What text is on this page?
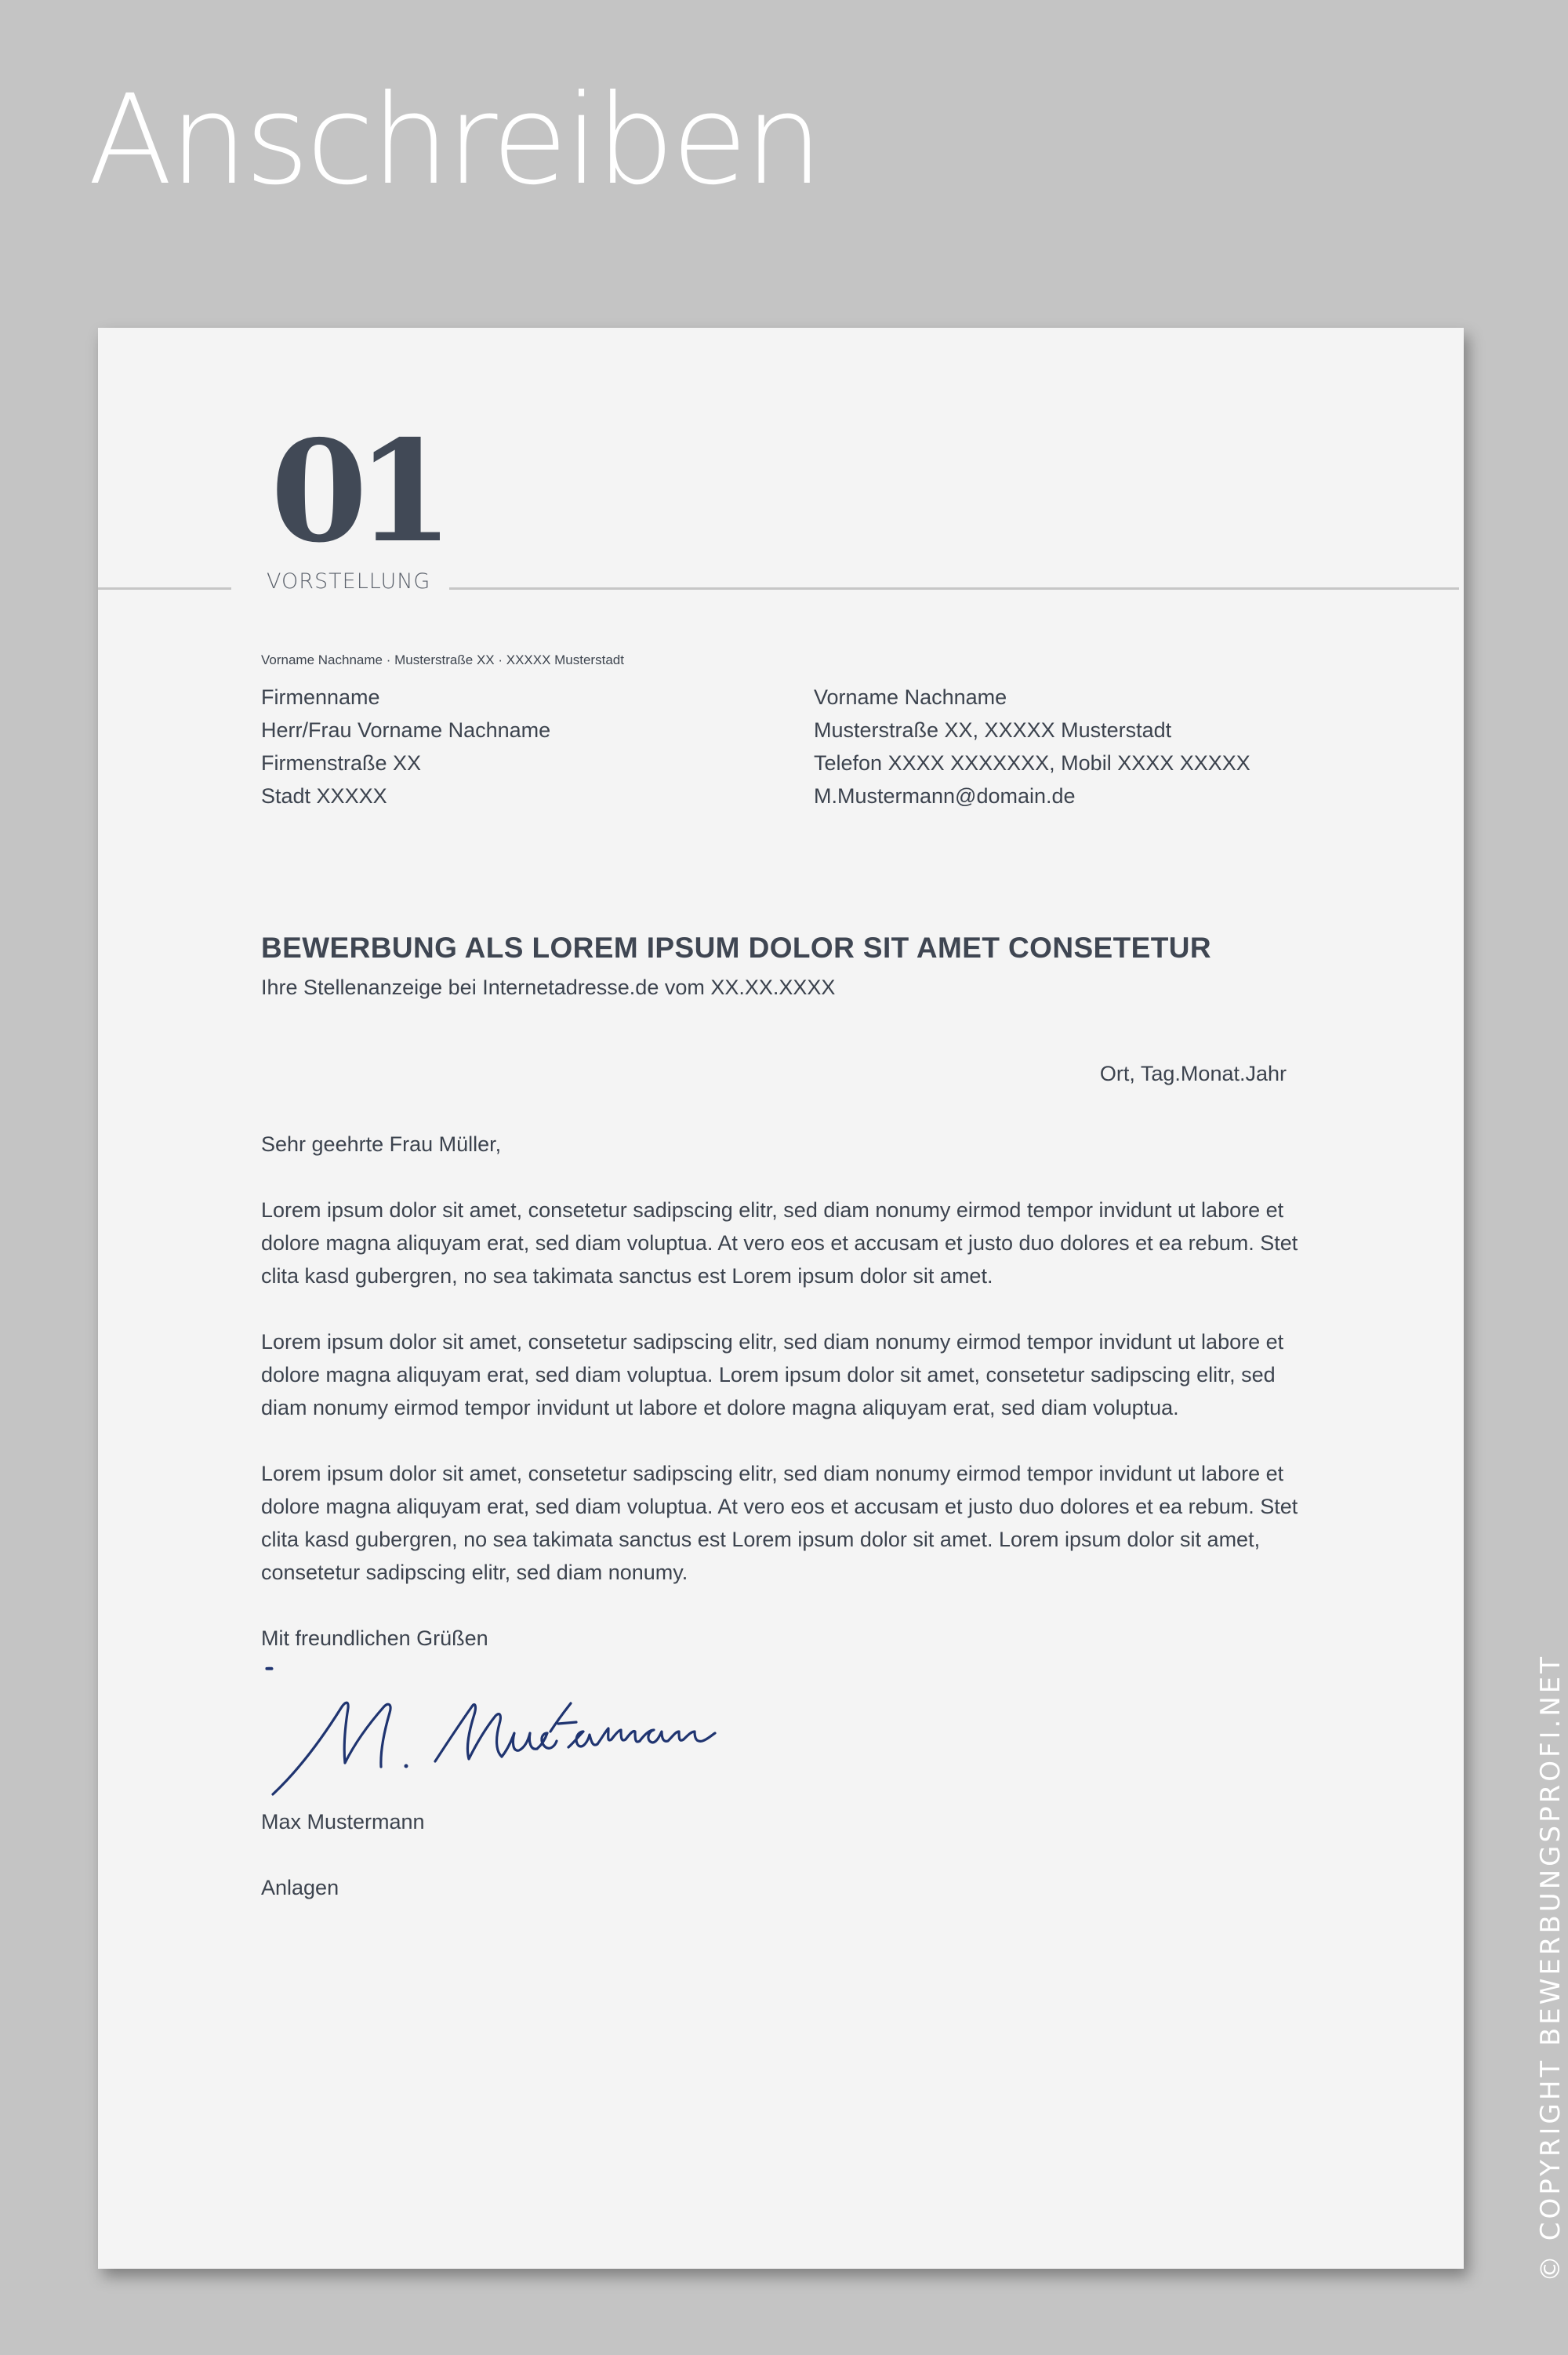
Anschreiben
01

VORSTELLUNG

Vorname Nachname · Musterstraße XX · XXXXX Musterstadt

Firmenname
Herr/Frau Vorname Nachname
Firmenstraße XX
Stadt XXXXX
Vorname Nachname
Musterstraße XX, XXXXX Musterstadt
Telefon XXXX XXXXXXX, Mobil XXXX XXXXX
M.Mustermann@domain.de
BEWERBUNG ALS LOREM IPSUM DOLOR SIT AMET CONSETETUR

Ihre Stellenanzeige bei Internetadresse.de vom XX.XX.XXXX

Ort, Tag.Monat.Jahr

Sehr geehrte Frau Müller,

Lorem ipsum dolor sit amet, consetetur sadipscing elitr, sed diam nonumy eirmod tempor invidunt ut labore et dolore magna aliquyam erat, sed diam voluptua. At vero eos et accusam et justo duo dolores et ea rebum. Stet clita kasd gubergren, no sea takimata sanctus est Lorem ipsum dolor sit amet.

Lorem ipsum dolor sit amet, consetetur sadipscing elitr, sed diam nonumy eirmod tempor invidunt ut labore et dolore magna aliquyam erat, sed diam voluptua. Lorem ipsum dolor sit amet, consetetur sadipscing elitr, sed diam nonumy eirmod tempor invidunt ut labore et dolore magna aliquyam erat, sed diam voluptua.

Lorem ipsum dolor sit amet, consetetur sadipscing elitr, sed diam nonumy eirmod tempor invidunt ut labore et dolore magna aliquyam erat, sed diam voluptua. At vero eos et accusam et justo duo dolores et ea rebum. Stet clita kasd gubergren, no sea takimata sanctus est Lorem ipsum dolor sit amet. Lorem ipsum dolor sit amet, consetetur sadipscing elitr, sed diam nonumy.

Mit freundlichen Grüßen

M. Mustermann

Max Mustermann

Anlagen	© COPYRIGHT BEWERBUNGSPROFI.NET
